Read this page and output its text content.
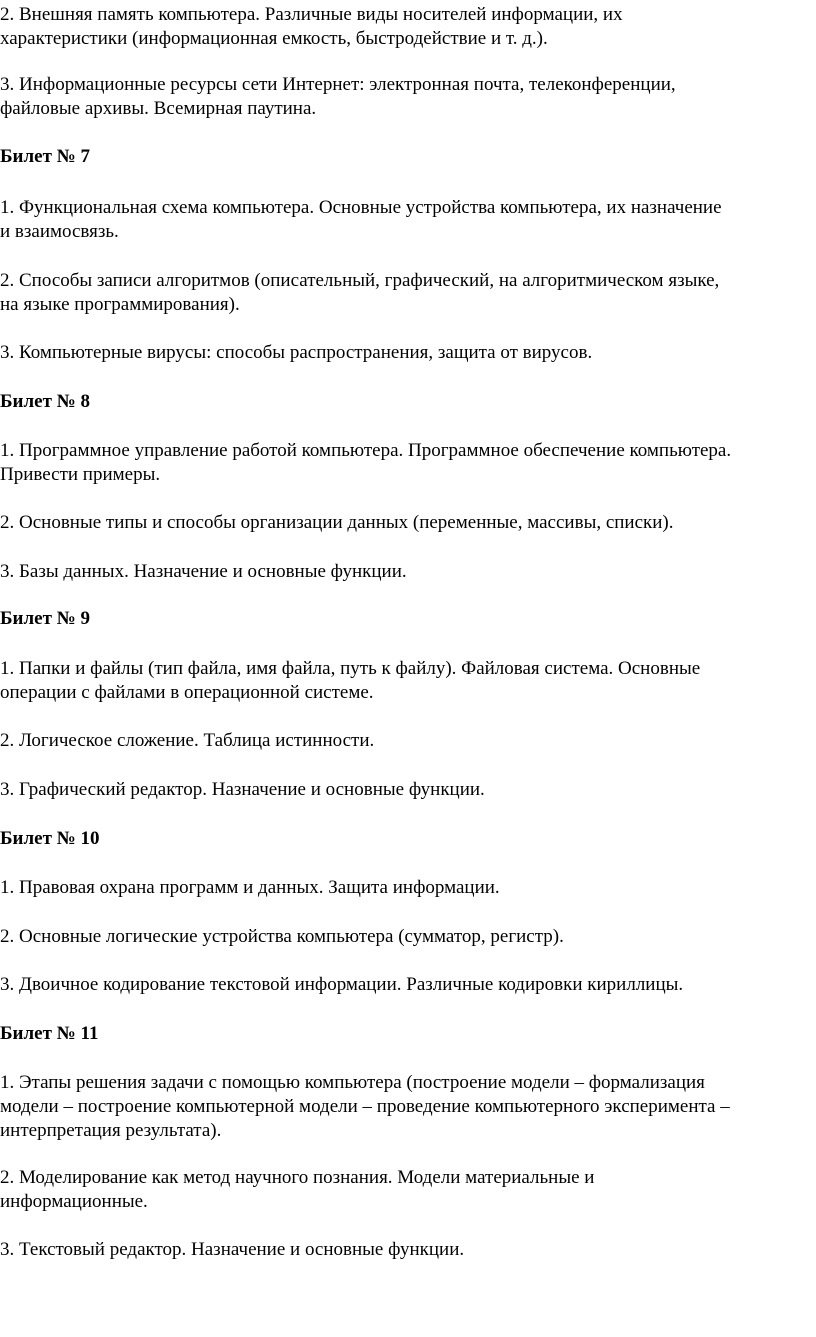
2. Внешняя память компьютера. Различные виды носителей информации, их
характеристики (информационная емкость, быстродействие и т. д.).

3. Информационные ресурсы сети Интернет: электронная почта, телеконференции,
файловые архивы. Всемирная паутина.

Билет № 7

1. Функциональная схема компьютера. Основные устройства компьютера, их назначение
и взаимосвязь.

2. Способы записи алгоритмов (описательный, графический, на алгоритмическом языке,
на языке программирования).

3. Компьютерные вирусы: способы распространения, защита от вирусов.

Билет № 8

1. Программное управление работой компьютера. Программное обеспечение компьютера.
Привести примеры.

2. Основные типы и способы организации данных (переменные, массивы, списки).

3. Базы данных. Назначение и основные функции.

Билет № 9

1. Папки и файлы (тип файла, имя файла, путь к файлу). Файловая система. Основные
операции с файлами в операционной системе.

2. Логическое сложение. Таблица истинности.

3. Графический редактор. Назначение и основные функции.

Билет № 10

1. Правовая охрана программ и данных. Защита информации.

2. Основные логические устройства компьютера (сумматор, регистр).

3. Двоичное кодирование текстовой информации. Различные кодировки кириллицы.

Билет № 11

1. Этапы решения задачи с помощью компьютера (построение модели – формализация
модели – построение компьютерной модели – проведение компьютерного эксперимента –
интерпретация результата).

2. Моделирование как метод научного познания. Модели материальные и
информационные.

3. Текстовый редактор. Назначение и основные функции.
